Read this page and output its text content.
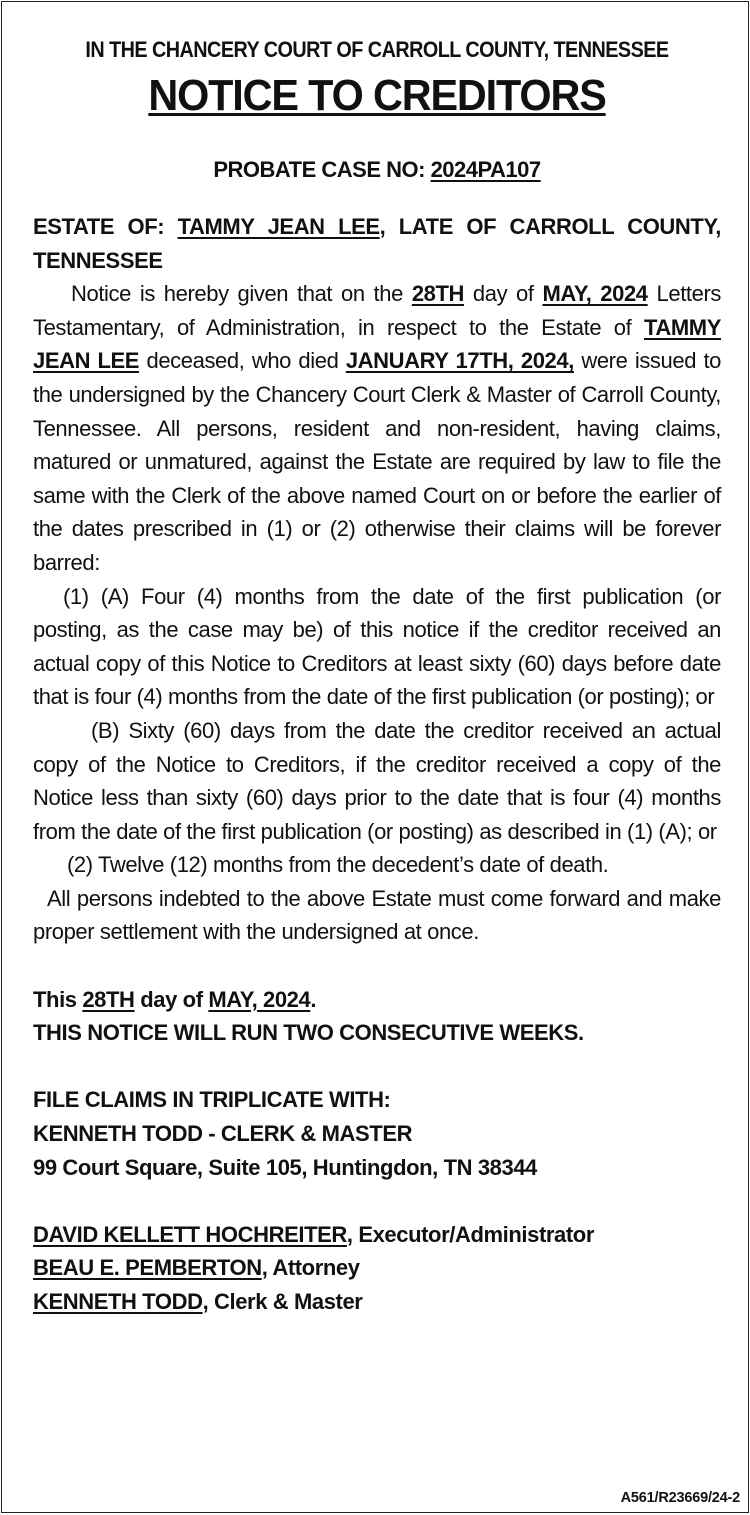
IN THE CHANCERY COURT OF CARROLL COUNTY, TENNESSEE
NOTICE TO CREDITORS
PROBATE CASE NO: 2024PA107
ESTATE OF: TAMMY JEAN LEE, LATE OF CARROLL COUNTY, TENNESSEE

Notice is hereby given that on the 28TH day of MAY, 2024 Letters Testamentary, of Administration, in respect to the Estate of TAMMY JEAN LEE deceased, who died JANUARY 17TH, 2024, were issued to the undersigned by the Chancery Court Clerk & Master of Carroll County, Tennessee. All persons, resident and non-resident, having claims, matured or unmatured, against the Estate are required by law to file the same with the Clerk of the above named Court on or before the earlier of the dates prescribed in (1) or (2) otherwise their claims will be forever barred:

(1) (A) Four (4) months from the date of the first publication (or posting, as the case may be) of this notice if the creditor received an actual copy of this Notice to Creditors at least sixty (60) days before date that is four (4) months from the date of the first publication (or posting); or

(B) Sixty (60) days from the date the creditor received an actual copy of the Notice to Creditors, if the creditor received a copy of the Notice less than sixty (60) days prior to the date that is four (4) months from the date of the first publication (or posting) as described in (1) (A); or

(2) Twelve (12) months from the decedent’s date of death.

All persons indebted to the above Estate must come forward and make proper settlement with the undersigned at once.

This 28TH day of MAY, 2024.
THIS NOTICE WILL RUN TWO CONSECUTIVE WEEKS.
FILE CLAIMS IN TRIPLICATE WITH:
KENNETH TODD - CLERK & MASTER
99 Court Square, Suite 105, Huntingdon, TN 38344
DAVID KELLETT HOCHREITER, Executor/Administrator
BEAU E. PEMBERTON, Attorney
KENNETH TODD, Clerk & Master
A561/R23669/24-2
